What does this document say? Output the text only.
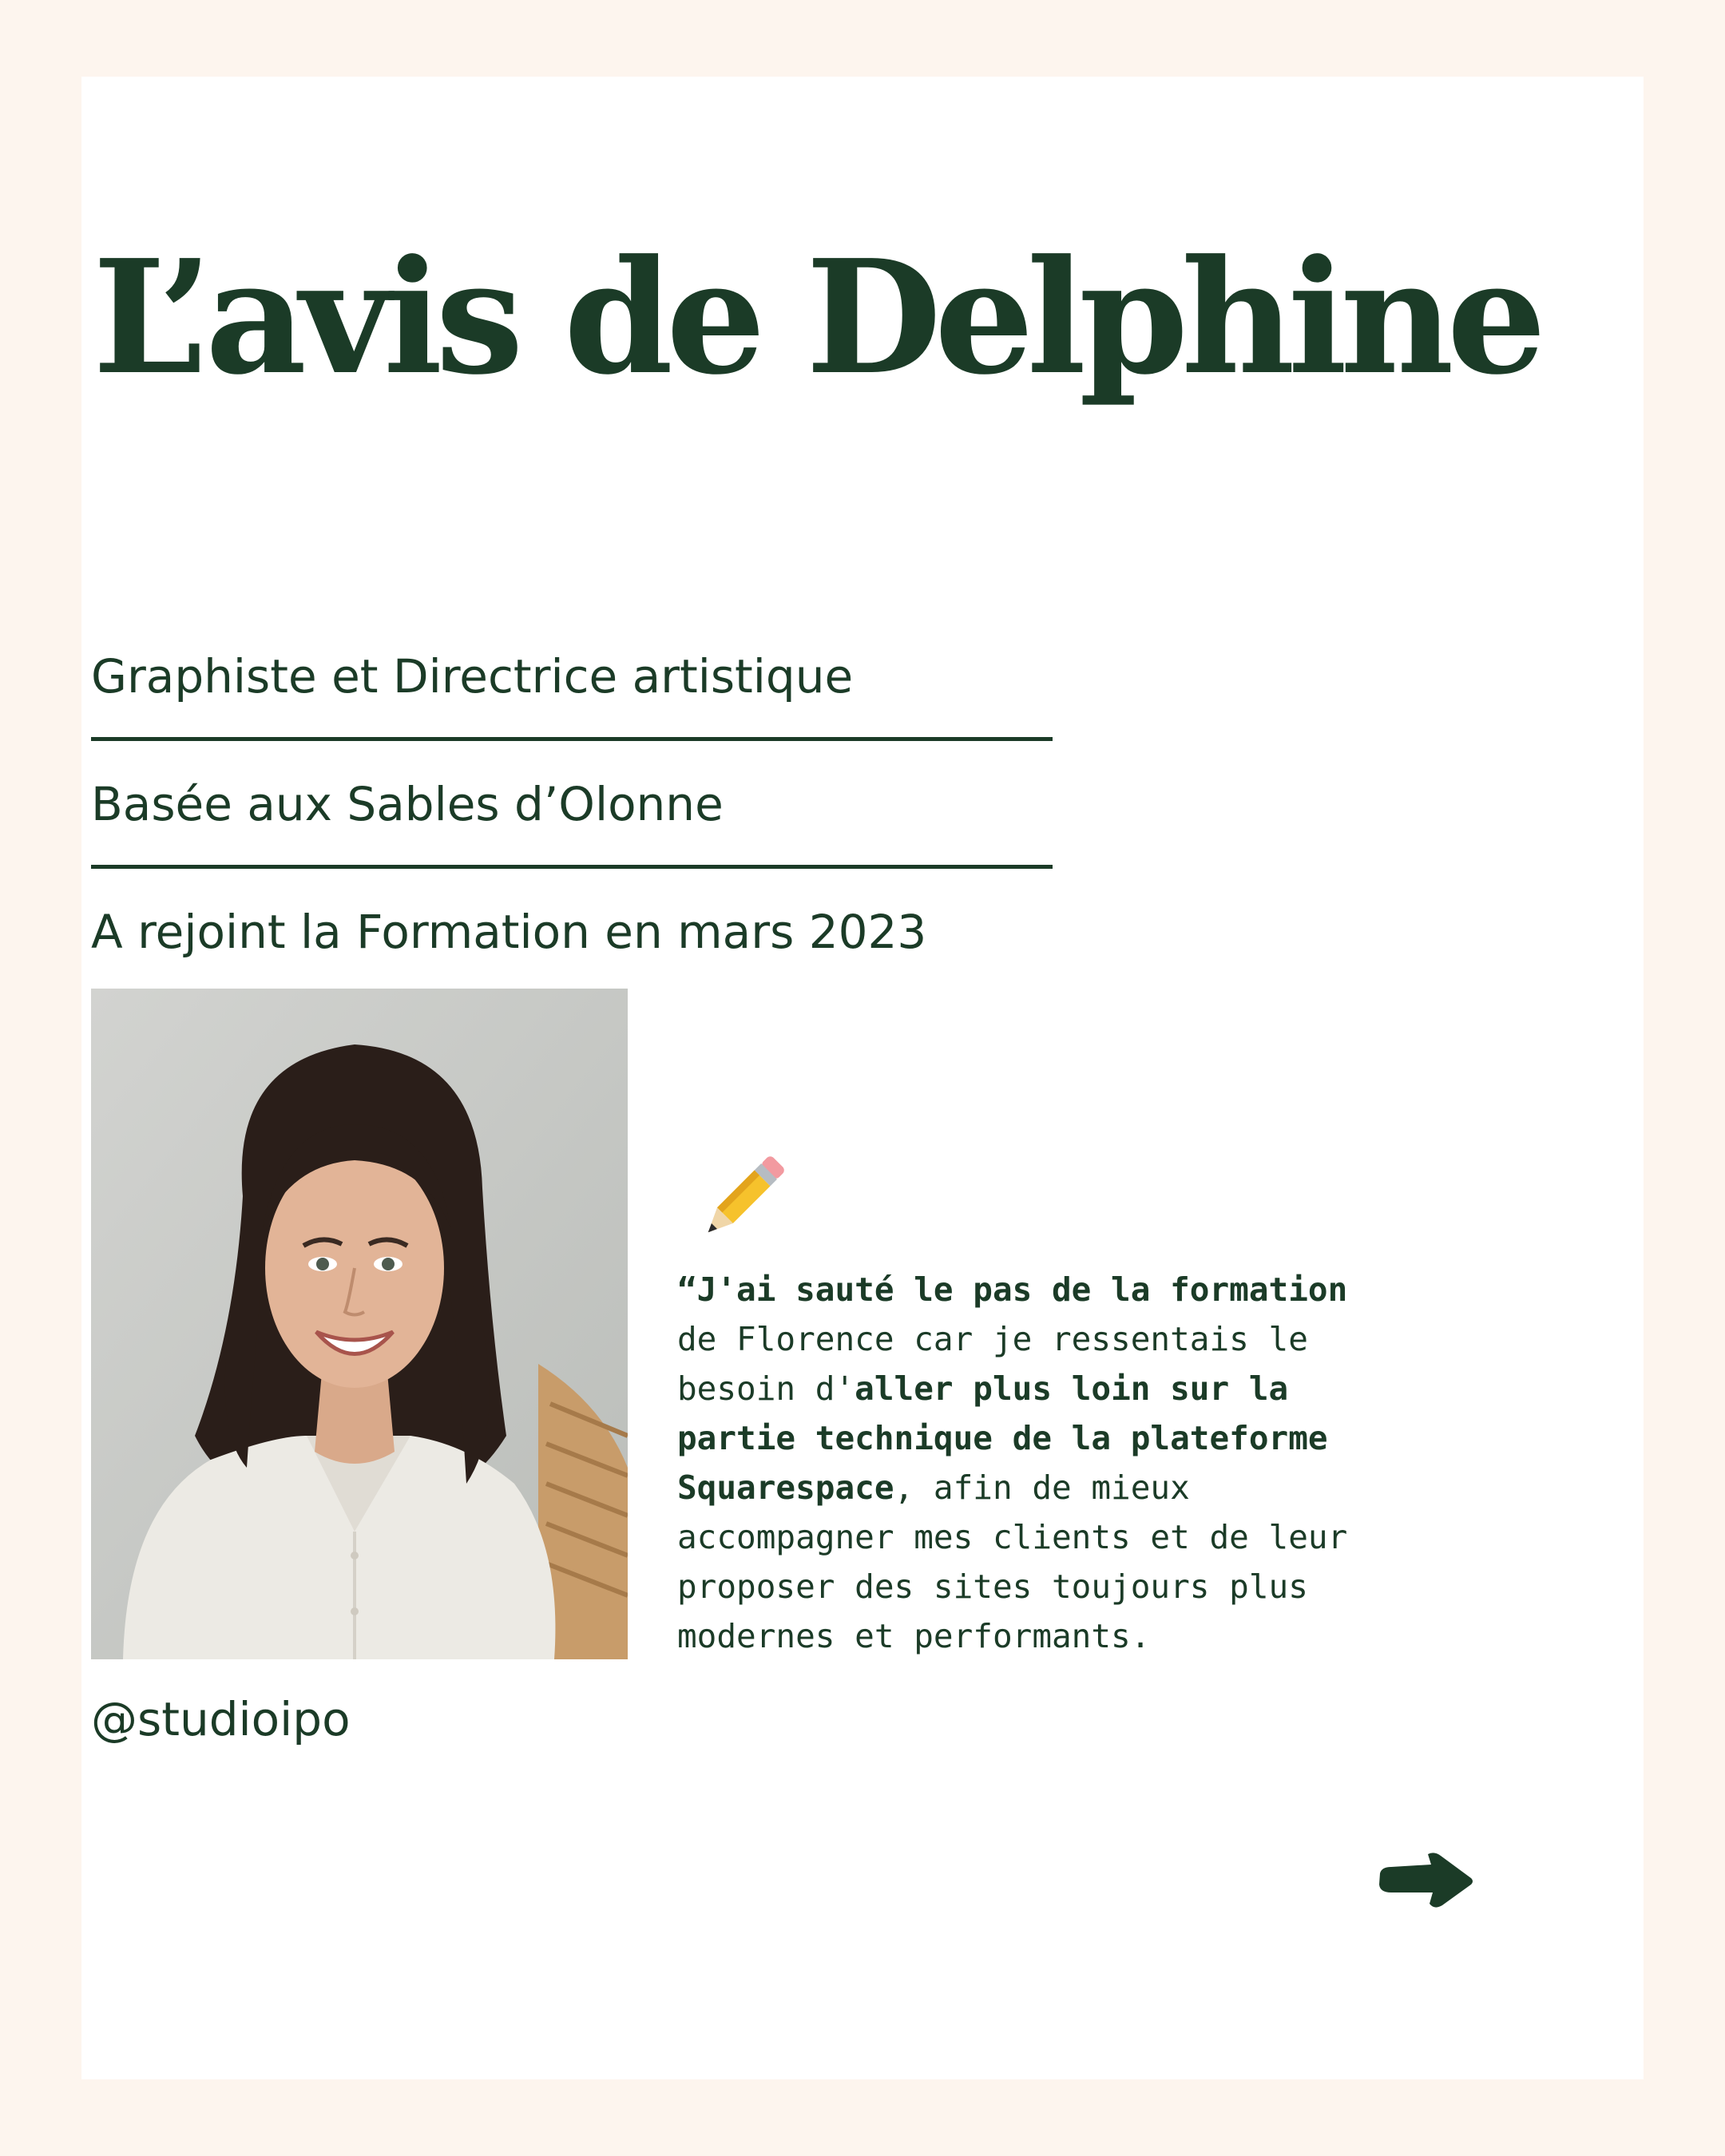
L’avis de Delphine
Graphiste et Directrice artistique
Basée aux Sables d’Olonne
A rejoint la Formation en mars 2023
@studioipo
“J'ai sauté le pas de la formation
de Florence car je ressentais le
besoin d'aller plus loin sur la
partie technique de la plateforme
Squarespace, afin de mieux
accompagner mes clients et de leur
proposer des sites toujours plus
modernes et performants.
